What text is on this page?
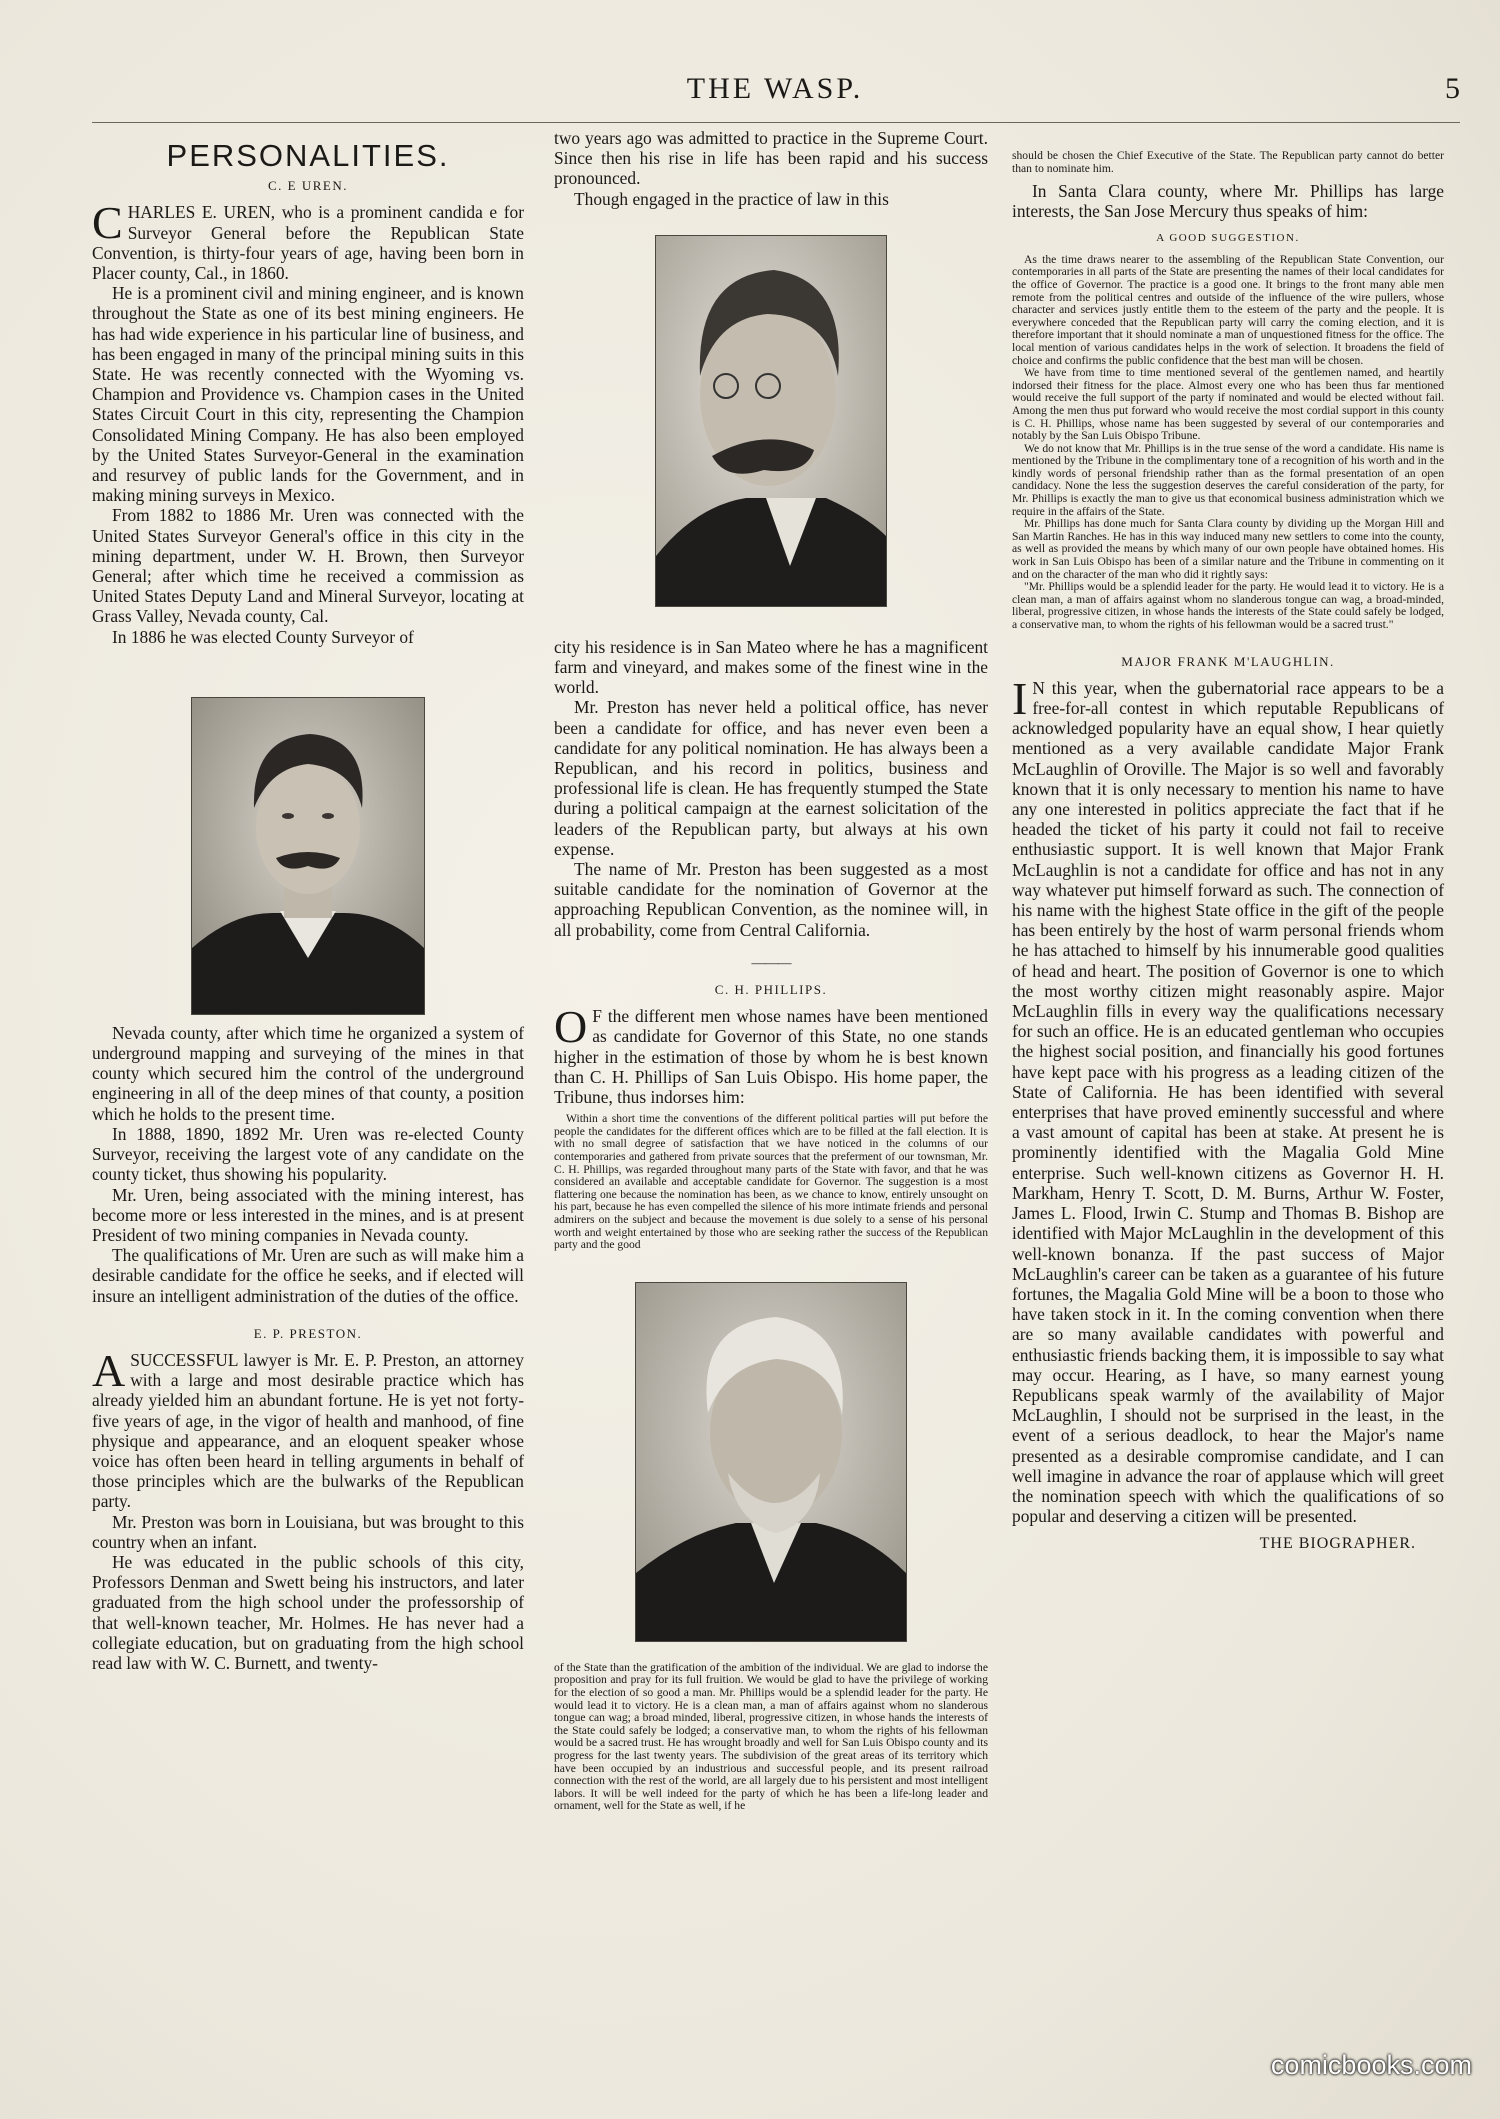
THE WASP.	5
PERSONALITIES.
C. E UREN.

CHARLES E. UREN, who is a prominent candida e for Surveyor General before the Republican State Convention, is thirty-four years of age, having been born in Placer county, Cal., in 1860.

He is a prominent civil and mining engineer, and is known throughout the State as one of its best mining engineers. He has had wide experience in his particular line of business, and has been engaged in many of the principal mining suits in this State. He was recently connected with the Wyoming vs. Champion and Providence vs. Champion cases in the United States Circuit Court in this city, representing the Champion Consolidated Mining Company. He has also been employed by the United States Surveyor-General in the examination and resurvey of public lands for the Government, and in making mining surveys in Mexico.

From 1882 to 1886 Mr. Uren was connected with the United States Surveyor General's office in this city in the mining department, under W. H. Brown, then Surveyor General; after which time he received a commission as United States Deputy Land and Mineral Surveyor, locating at Grass Valley, Nevada county, Cal.

In 1886 he was elected County Surveyor of

Nevada county, after which time he organized a system of underground mapping and surveying of the mines in that county which secured him the control of the underground engineering in all of the deep mines of that county, a position which he holds to the present time.

In 1888, 1890, 1892 Mr. Uren was re-elected County Surveyor, receiving the largest vote of any candidate on the county ticket, thus showing his popularity.

Mr. Uren, being associated with the mining interest, has become more or less interested in the mines, and is at present President of two mining companies in Nevada county.

The qualifications of Mr. Uren are such as will make him a desirable candidate for the office he seeks, and if elected will insure an intelligent administration of the duties of the office.

E. P. PRESTON.

ASUCCESSFUL lawyer is Mr. E. P. Preston, an attorney with a large and most desirable practice which has already yielded him an abundant fortune. He is yet not forty-five years of age, in the vigor of health and manhood, of fine physique and appearance, and an eloquent speaker whose voice has often been heard in telling arguments in behalf of those principles which are the bulwarks of the Republican party.

Mr. Preston was born in Louisiana, but was brought to this country when an infant.

He was educated in the public schools of this city, Professors Denman and Swett being his instructors, and later graduated from the high school under the professorship of that well-known teacher, Mr. Holmes. He has never had a collegiate education, but on graduating from the high school read law with W. C. Burnett, and twenty-

two years ago was admitted to practice in the Supreme Court. Since then his rise in life has been rapid and his success pronounced.

Though engaged in the practice of law in this

city his residence is in San Mateo where he has a magnificent farm and vineyard, and makes some of the finest wine in the world.

Mr. Preston has never held a political office, has never been a candidate for office, and has never even been a candidate for any political nomination. He has always been a Republican, and his record in politics, business and professional life is clean. He has frequently stumped the State during a political campaign at the earnest solicitation of the leaders of the Republican party, but always at his own expense.

The name of Mr. Preston has been suggested as a most suitable candidate for the nomination of Governor at the approaching Republican Convention, as the nominee will, in all probability, come from Central California.

———
C. H. PHILLIPS.

O F the different men whose names have been mentioned as candidate for Governor of this State, no one stands higher in the estimation of those by whom he is best known than C. H. Phillips of San Luis Obispo. His home paper, the Tribune, thus indorses him:

Within a short time the conventions of the different political parties will put before the people the candidates for the different offices which are to be filled at the fall election. It is with no small degree of satisfaction that we have noticed in the columns of our contemporaries and gathered from private sources that the preferment of our townsman, Mr. C. H. Phillips, was regarded throughout many parts of the State with favor, and that he was considered an available and acceptable candidate for Governor. The suggestion is a most flattering one because the nomination has been, as we chance to know, entirely unsought on his part, because he has even compelled the silence of his more intimate friends and personal admirers on the subject and because the movement is due solely to a sense of his personal worth and weight entertained by those who are seeking rather the success of the Republican party and the good

of the State than the gratification of the ambition of the individual. We are glad to indorse the proposition and pray for its full fruition. We would be glad to have the privilege of working for the election of so good a man. Mr. Phillips would be a splendid leader for the party. He would lead it to victory. He is a clean man, a man of affairs against whom no slanderous tongue can wag; a broad minded, liberal, progressive citizen, in whose hands the interests of the State could safely be lodged; a conservative man, to whom the rights of his fellowman would be a sacred trust. He has wrought broadly and well for San Luis Obispo county and its progress for the last twenty years. The subdivision of the great areas of its territory which have been occupied by an industrious and successful people, and its present railroad connection with the rest of the world, are all largely due to his persistent and most intelligent labors. It will be well indeed for the party of which he has been a life-long leader and ornament, well for the State as well, if he

should be chosen the Chief Executive of the State. The Republican party cannot do better than to nominate him.

In Santa Clara county, where Mr. Phillips has large interests, the San Jose Mercury thus speaks of him:

A GOOD SUGGESTION.

As the time draws nearer to the assembling of the Republican State Convention, our contemporaries in all parts of the State are presenting the names of their local candidates for the office of Governor. The practice is a good one. It brings to the front many able men remote from the political centres and outside of the influence of the wire pullers, whose character and services justly entitle them to the esteem of the party and the people. It is everywhere conceded that the Republican party will carry the coming election, and it is therefore important that it should nominate a man of unquestioned fitness for the office. The local mention of various candidates helps in the work of selection. It broadens the field of choice and confirms the public confidence that the best man will be chosen.

We have from time to time mentioned several of the gentlemen named, and heartily indorsed their fitness for the place. Almost every one who has been thus far mentioned would receive the full support of the party if nominated and would be elected without fail. Among the men thus put forward who would receive the most cordial support in this county is C. H. Phillips, whose name has been suggested by several of our contemporaries and notably by the San Luis Obispo Tribune.

We do not know that Mr. Phillips is in the true sense of the word a candidate. His name is mentioned by the Tribune in the complimentary tone of a recognition of his worth and in the kindly words of personal friendship rather than as the formal presentation of an open candidacy. None the less the suggestion deserves the careful consideration of the party, for Mr. Phillips is exactly the man to give us that economical business administration which we require in the affairs of the State.

Mr. Phillips has done much for Santa Clara county by dividing up the Morgan Hill and San Martin Ranches. He has in this way induced many new settlers to come into the county, as well as provided the means by which many of our own people have obtained homes. His work in San Luis Obispo has been of a similar nature and the Tribune in commenting on it and on the character of the man who did it rightly says:

"Mr. Phillips would be a splendid leader for the party. He would lead it to victory. He is a clean man, a man of affairs against whom no slanderous tongue can wag, a broad-minded, liberal, progressive citizen, in whose hands the interests of the State could safely be lodged, a conservative man, to whom the rights of his fellowman would be a sacred trust."

MAJOR FRANK M'LAUGHLIN.

I N this year, when the gubernatorial race appears to be a free-for-all contest in which reputable Republicans of acknowledged popularity have an equal show, I hear quietly mentioned as a very available candidate Major Frank McLaughlin of Oroville. The Major is so well and favorably known that it is only necessary to mention his name to have any one interested in politics appreciate the fact that if he headed the ticket of his party it could not fail to receive enthusiastic support. It is well known that Major Frank McLaughlin is not a candidate for office and has not in any way whatever put himself forward as such. The connection of his name with the highest State office in the gift of the people has been entirely by the host of warm personal friends whom he has attached to himself by his innumerable good qualities of head and heart. The position of Governor is one to which the most worthy citizen might reasonably aspire. Major McLaughlin fills in every way the qualifications necessary for such an office. He is an educated gentleman who occupies the highest social position, and financially his good fortunes have kept pace with his progress as a leading citizen of the State of California. He has been identified with several enterprises that have proved eminently successful and where a vast amount of capital has been at stake. At present he is prominently identified with the Magalia Gold Mine enterprise. Such well-known citizens as Governor H. H. Markham, Henry T. Scott, D. M. Burns, Arthur W. Foster, James L. Flood, Irwin C. Stump and Thomas B. Bishop are identified with Major McLaughlin in the development of this well-known bonanza. If the past success of Major McLaughlin's career can be taken as a guarantee of his future fortunes, the Magalia Gold Mine will be a boon to those who have taken stock in it. In the coming convention when there are so many available candidates with powerful and enthusiastic friends backing them, it is impossible to say what may occur. Hearing, as I have, so many earnest young Republicans speak warmly of the availability of Major McLaughlin, I should not be surprised in the least, in the event of a serious deadlock, to hear the Major's name presented as a desirable compromise candidate, and I can well imagine in advance the roar of applause which will greet the nomination speech with which the qualifications of so popular and deserving a citizen will be presented.

THE BIOGRAPHER.
comicbooks.com
